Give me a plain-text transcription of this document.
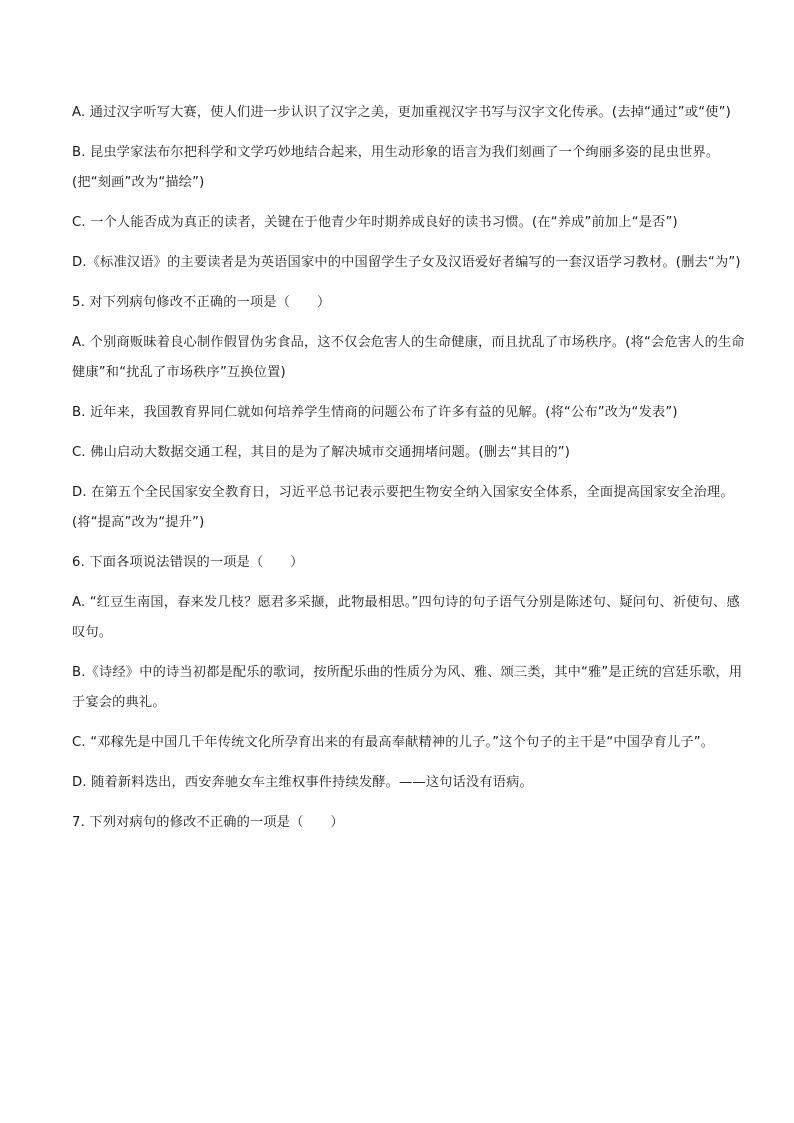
A. 通过汉字听写大赛，使人们进一步认识了汉字之美，更加重视汉字书写与汉字文化传承。(去掉“通过”或“使”)

B. 昆虫学家法布尔把科学和文学巧妙地结合起来，用生动形象的语言为我们刻画了一个绚丽多姿的昆虫世界。(把“刻画”改为“描绘”)

C. 一个人能否成为真正的读者，关键在于他青少年时期养成良好的读书习惯。(在“养成”前加上“是否”)

D.《标准汉语》的主要读者是为英语国家中的中国留学生子女及汉语爱好者编写的一套汉语学习教材。(删去“为”)

5. 对下列病句修改不正确的一项是（　　）

A. 个别商贩昧着良心制作假冒伪劣食品，这不仅会危害人的生命健康，而且扰乱了市场秩序。(将“会危害人的生命健康”和“扰乱了市场秩序”互换位置)

B. 近年来，我国教育界同仁就如何培养学生情商的问题公布了许多有益的见解。(将“公布”改为“发表”)

C. 佛山启动大数据交通工程，其目的是为了解决城市交通拥堵问题。(删去“其目的”)

D. 在第五个全民国家安全教育日，习近平总书记表示要把生物安全纳入国家安全体系，全面提高国家安全治理。(将“提高”改为“提升”)

6. 下面各项说法错误的一项是（　　）

A. “红豆生南国，春来发几枝？愿君多采撷，此物最相思。”四句诗的句子语气分别是陈述句、疑问句、祈使句、感叹句。

B.《诗经》中的诗当初都是配乐的歌词，按所配乐曲的性质分为风、雅、颂三类，其中“雅”是正统的宫廷乐歌，用于宴会的典礼。

C. “邓稼先是中国几千年传统文化所孕育出来的有最高奉献精神的儿子。”这个句子的主干是“中国孕育儿子”。

D. 随着新料迭出，西安奔驰女车主维权事件持续发酵。——这句话没有语病。

7. 下列对病句的修改不正确的一项是（　　）
